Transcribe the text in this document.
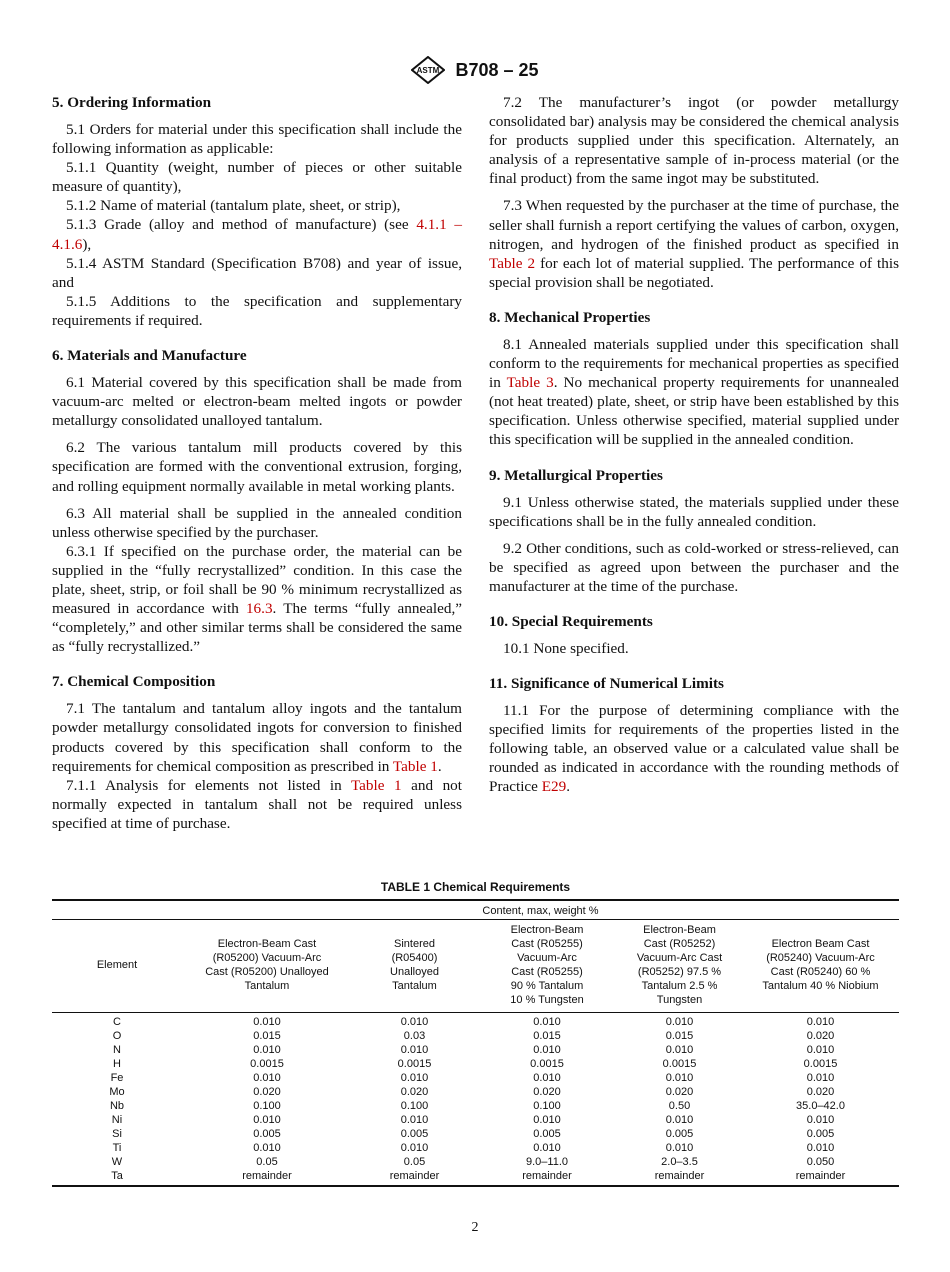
ASTM B708 – 25
5. Ordering Information

5.1 Orders for material under this specification shall include the following information as applicable:

5.1.1 Quantity (weight, number of pieces or other suitable measure of quantity),

5.1.2 Name of material (tantalum plate, sheet, or strip),

5.1.3 Grade (alloy and method of manufacture) (see 4.1.1 – 4.1.6),

5.1.4 ASTM Standard (Specification B708) and year of issue, and

5.1.5 Additions to the specification and supplementary requirements if required.

6. Materials and Manufacture

6.1 Material covered by this specification shall be made from vacuum-arc melted or electron-beam melted ingots or powder metallurgy consolidated unalloyed tantalum.

6.2 The various tantalum mill products covered by this specification are formed with the conventional extrusion, forging, and rolling equipment normally available in metal working plants.

6.3 All material shall be supplied in the annealed condition unless otherwise specified by the purchaser.

6.3.1 If specified on the purchase order, the material can be supplied in the “fully recrystallized” condition. In this case the plate, sheet, strip, or foil shall be 90 % minimum recrystallized as measured in accordance with 16.3. The terms “fully annealed,” “completely,” and other similar terms shall be considered the same as “fully recrystallized.”

7. Chemical Composition

7.1 The tantalum and tantalum alloy ingots and the tantalum powder metallurgy consolidated ingots for conversion to finished products covered by this specification shall conform to the requirements for chemical composition as prescribed in Table 1.

7.1.1 Analysis for elements not listed in Table 1 and not normally expected in tantalum shall not be required unless specified at time of purchase.

7.2 The manufacturer’s ingot (or powder metallurgy consolidated bar) analysis may be considered the chemical analysis for products supplied under this specification. Alternately, an analysis of a representative sample of in-process material (or the final product) from the same ingot may be substituted.

7.3 When requested by the purchaser at the time of purchase, the seller shall furnish a report certifying the values of carbon, oxygen, nitrogen, and hydrogen of the finished product as specified in Table 2 for each lot of material supplied. The performance of this special provision shall be negotiated.

8. Mechanical Properties

8.1 Annealed materials supplied under this specification shall conform to the requirements for mechanical properties as specified in Table 3. No mechanical property requirements for unannealed (not heat treated) plate, sheet, or strip have been established by this specification. Unless otherwise specified, material supplied under this specification will be supplied in the annealed condition.

9. Metallurgical Properties

9.1 Unless otherwise stated, the materials supplied under these specifications shall be in the fully annealed condition.

9.2 Other conditions, such as cold-worked or stress-relieved, can be specified as agreed upon between the purchaser and the manufacturer at the time of the purchase.

10. Special Requirements

10.1 None specified.

11. Significance of Numerical Limits

11.1 For the purpose of determining compliance with the specified limits for requirements of the properties listed in the following table, an observed value or a calculated value shall be rounded as indicated in accordance with the rounding methods of Practice E29.

TABLE 1 Chemical Requirements
	Content, max, weight %				
Element	Electron-Beam Cast (R05200) Vacuum-Arc Cast (R05200) Unalloyed Tantalum	Sintered (R05400) Unalloyed Tantalum	Electron-Beam Cast (R05255) Vacuum-Arc Cast (R05255) 90 % Tantalum 10 % Tungsten	Electron-Beam Cast (R05252) Vacuum-Arc Cast (R05252) 97.5 % Tantalum 2.5 % Tungsten	Electron Beam Cast (R05240) Vacuum-Arc Cast (R05240) 60 % Tantalum 40 % Niobium

C	0.010	0.010	0.010	0.010	0.010
O	0.015	0.03	0.015	0.015	0.020
N	0.010	0.010	0.010	0.010	0.010
H	0.0015	0.0015	0.0015	0.0015	0.0015
Fe	0.010	0.010	0.010	0.010	0.010
Mo	0.020	0.020	0.020	0.020	0.020
Nb	0.100	0.100	0.100	0.50	35.0–42.0
Ni	0.010	0.010	0.010	0.010	0.010
Si	0.005	0.005	0.005	0.005	0.005
Ti	0.010	0.010	0.010	0.010	0.010
W	0.05	0.05	9.0–11.0	2.0–3.5	0.050
Ta	remainder	remainder	remainder	remainder	remainder
2
